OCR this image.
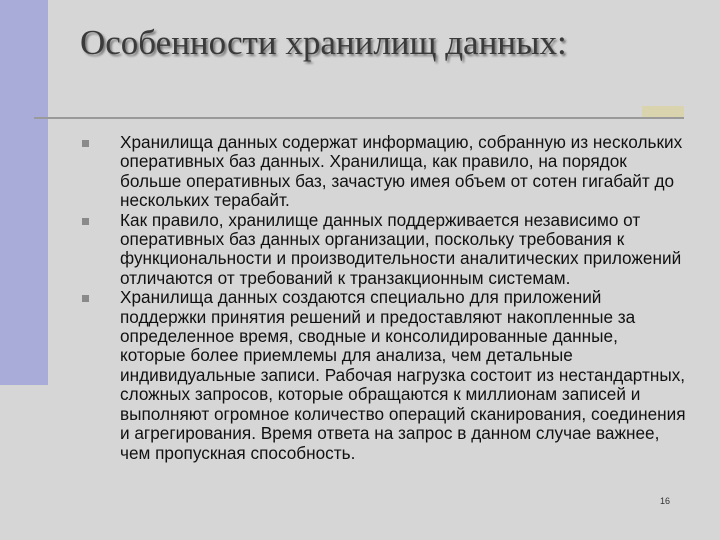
Особенности хранилищ данных:
Хранилища данных содержат информацию, собранную из нескольких оперативных баз данных. Хранилища, как правило, на порядок больше оперативных баз, зачастую имея объем от сотен гигабайт до нескольких терабайт.
Как правило, хранилище данных поддерживается независимо от оперативных баз данных организации, поскольку требования к функциональности и производительности аналитических приложений отличаются от требований к транзакционным системам.
Хранилища данных создаются специально для приложений поддержки принятия решений и предоставляют накопленные за определенное время, сводные и консолидированные данные, которые более приемлемы для анализа, чем детальные индивидуальные записи. Рабочая нагрузка состоит из нестандартных, сложных запросов, которые обращаются к миллионам записей и выполняют огромное количество операций сканирования, соединения и агрегирования. Время ответа на запрос в данном случае важнее, чем пропускная способность.
16
